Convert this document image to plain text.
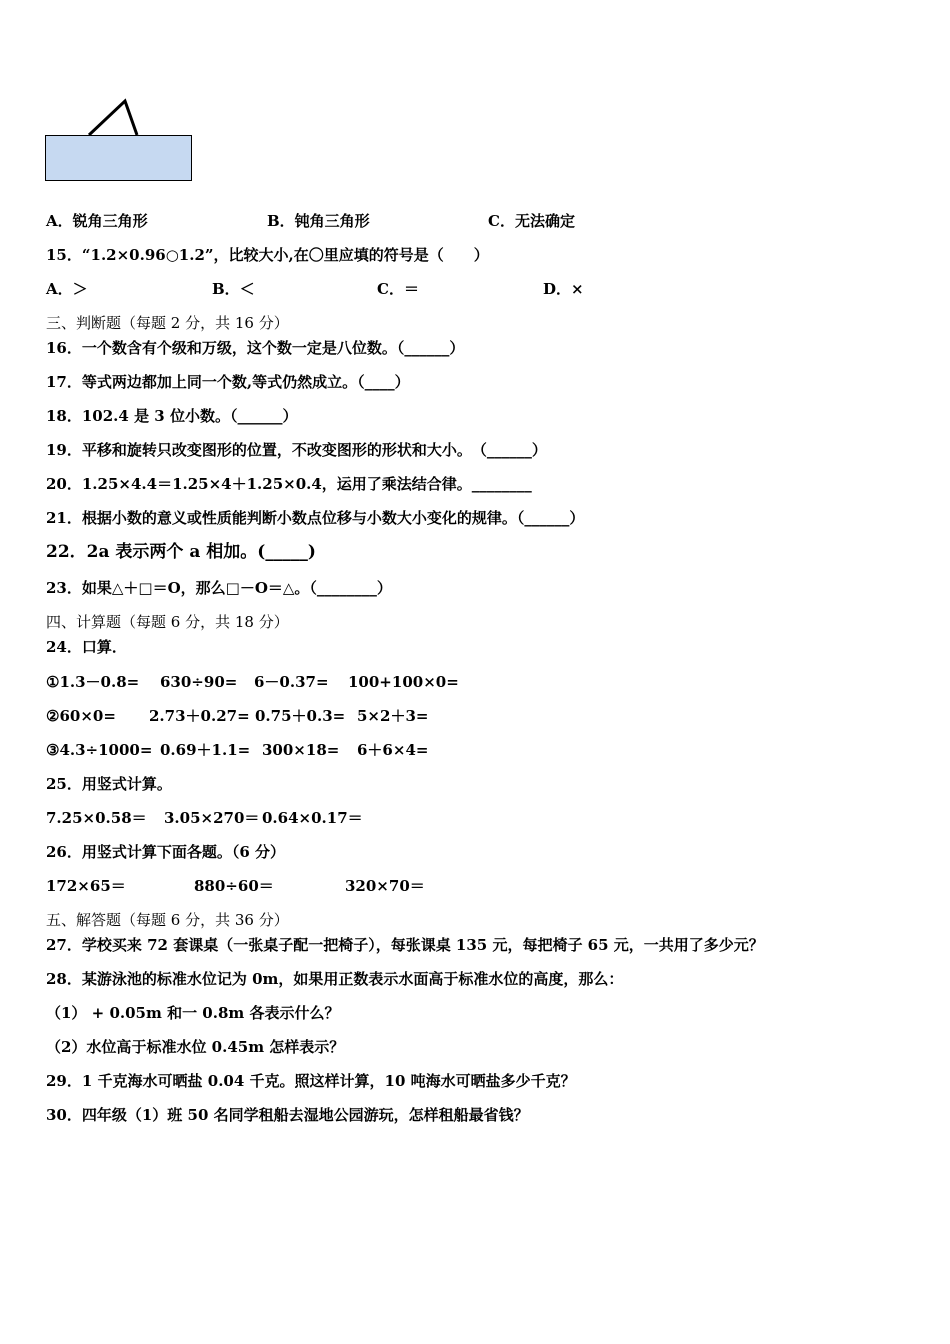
A．锐角三角形	B．钝角三角形	C．无法确定
15．“1.2×0.96○1.2”，比较大小,在〇里应填的符号是（　　）
A．＞	B．＜	C．＝	D．×
三、判断题（每题 2 分，共 16 分）
16．一个数含有个级和万级，这个数一定是八位数。（______）
17．等式两边都加上同一个数,等式仍然成立。（____）
18．102.4 是 3 位小数。（______）
19．平移和旋转只改变图形的位置，不改变图形的形状和大小。　（______）
20．1.25×4.4＝1.25×4＋1.25×0.4，运用了乘法结合律。________
21．根据小数的意义或性质能判断小数点位移与小数大小变化的规律。（______）
22．2a 表示两个 a 相加。(_____)
23．如果△＋□＝O，那么□－O＝△。（________）
四、计算题（每题 6 分，共 18 分）
24．口算．
①1.3－0.8= 630÷90= 6－0.37= 100+100×0=
②60×0= 2.73＋0.27= 0.75＋0.3= 5×2＋3=
③4.3÷1000= 0.69＋1.1= 300×18= 6＋6×4=
25．用竖式计算。
7.25×0.58＝ 3.05×270＝ 0.64×0.17＝
26．用竖式计算下面各题。（6 分）
172×65＝	880÷60＝	320×70＝
五、解答题（每题 6 分，共 36 分）
27．学校买来 72 套课桌（一张桌子配一把椅子），每张课桌 135 元，每把椅子 65 元，一共用了多少元？
28．某游泳池的标准水位记为 0m，如果用正数表示水面高于标准水位的高度，那么：
（1） + 0.05m 和一 0.8m 各表示什么？
（2）水位高于标准水位 0.45m 怎样表示？
29．1 千克海水可晒盐 0.04 千克。照这样计算，10 吨海水可晒盐多少千克？
30．四年级（1）班 50 名同学租船去湿地公园游玩，怎样租船最省钱？
